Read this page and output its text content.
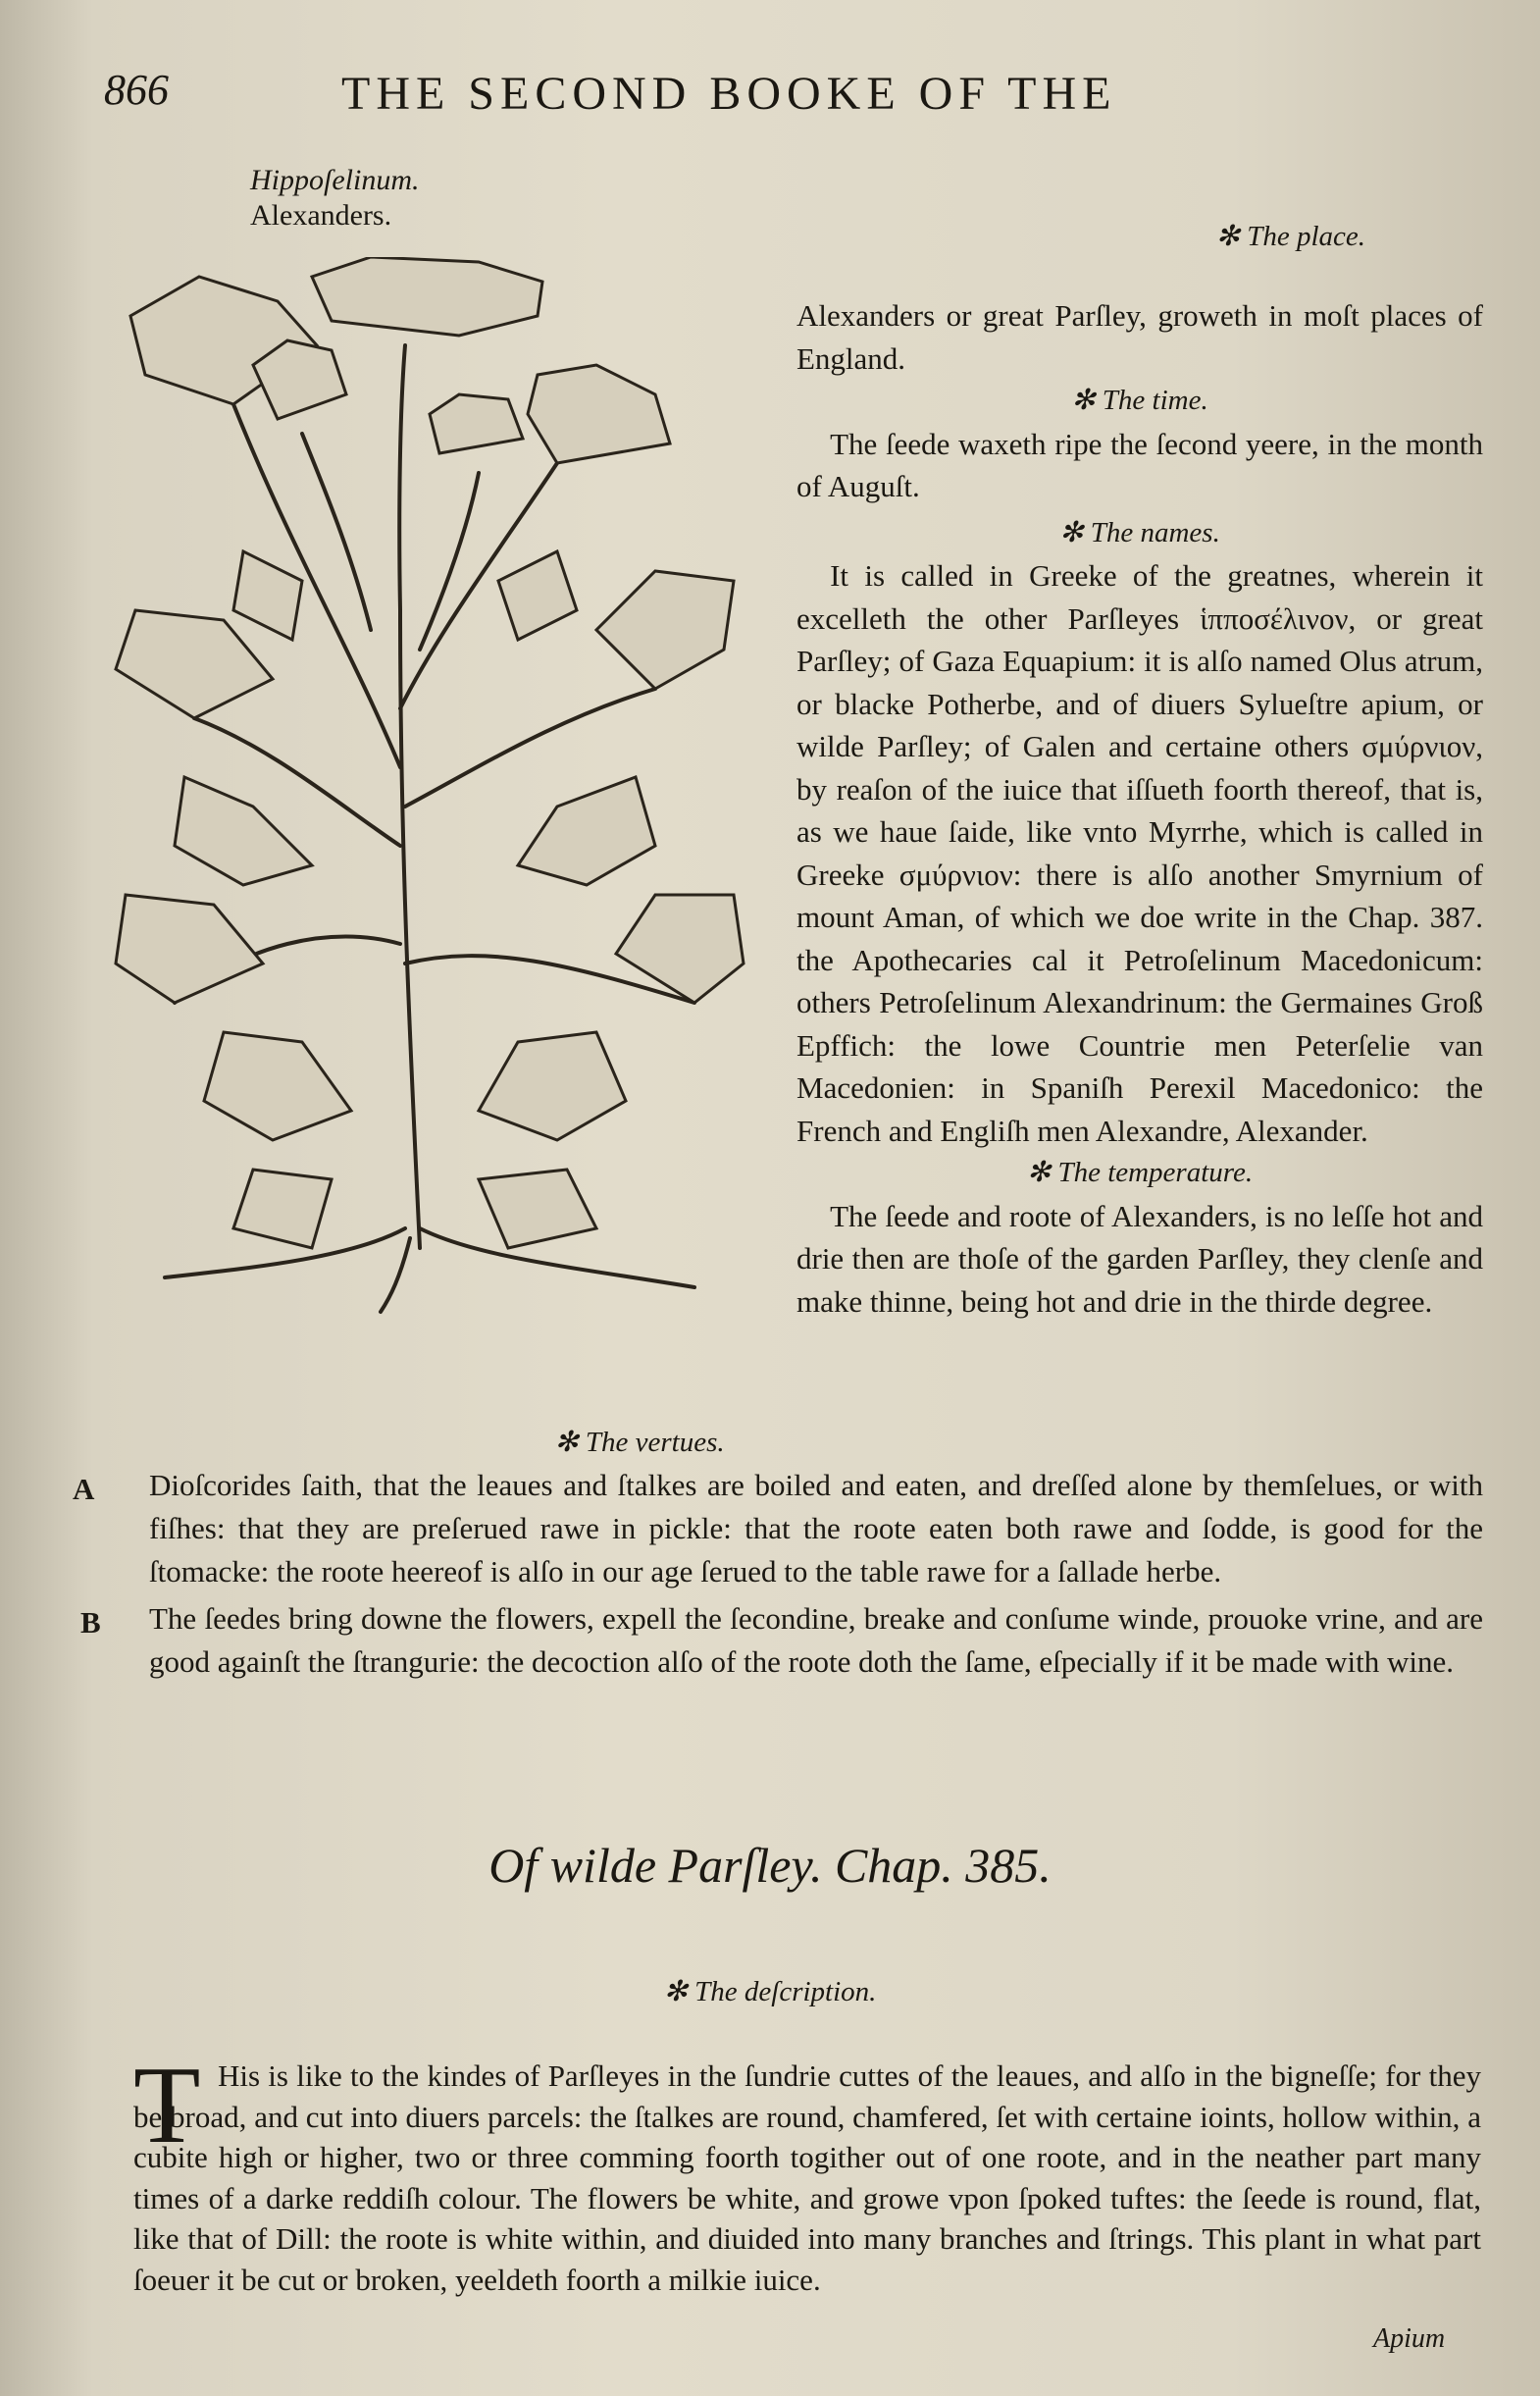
866	THE SECOND BOOKE OF THE
Hippoſelinum.
Alexanders.
✻ The place.

Alexanders or great Parſley, groweth in moſt places of England.

✻ The time.

The ſeede waxeth ripe the ſecond yeere, in the month of Auguſt.

✻ The names.

It is called in Greeke of the greatnes, wherein it excelleth the other Parſleyes ἱπποσέλινον, or great Parſley; of Gaza Equapium: it is alſo named Olus atrum, or blacke Potherbe, and of diuers Sylueſtre apium, or wilde Parſley; of Galen and certaine others σμύρνιον, by reaſon of the iuice that iſſueth foorth thereof, that is, as we haue ſaide, like vnto Myrrhe, which is called in Greeke σμύρνιον: there is alſo another Smyrnium of mount Aman, of which we doe write in the Chap. 387. the Apothecaries cal it Petroſelinum Macedonicum: others Petroſelinum Alexandrinum: the Germaines Groß Epffich: the lowe Countrie men Peterſelie van Macedonien: in Spaniſh Perexil Macedonico: the French and Engliſh men Alexandre, Alexander.

✻ The temperature.

The ſeede and roote of Alexanders, is no leſſe hot and drie then are thoſe of the garden Parſley, they clenſe and make thinne, being hot and drie in the thirde degree.

✻ The vertues.
A Dioſcorides ſaith, that the leaues and ſtalkes are boiled and eaten, and dreſſed alone by themſelues, or with fiſhes: that they are preſerued rawe in pickle: that the roote eaten both rawe and ſodde, is good for the ſtomacke: the roote heereof is alſo in our age ſerued to the table rawe for a ſallade herbe.

B The ſeedes bring downe the flowers, expell the ſecondine, breake and conſume winde, prouoke vrine, and are good againſt the ſtrangurie: the decoction alſo of the roote doth the ſame, eſpecially if it be made with wine.

Of wilde Parſley. Chap. 385.
✻ The deſcription.
T His is like to the kindes of Parſleyes in the ſundrie cuttes of the leaues, and alſo in the bigneſſe; for they be broad, and cut into diuers parcels: the ſtalkes are round, chamfered, ſet with certaine ioints, hollow within, a cubite high or higher, two or three comming foorth togither out of one roote, and in the neather part many times of a darke reddiſh colour. The flowers be white, and growe vpon ſpoked tuftes: the ſeede is round, flat, like that of Dill: the roote is white within, and diuided into many branches and ſtrings. This plant in what part ſoeuer it be cut or broken, yeeldeth foorth a milkie iuice.

Apium
